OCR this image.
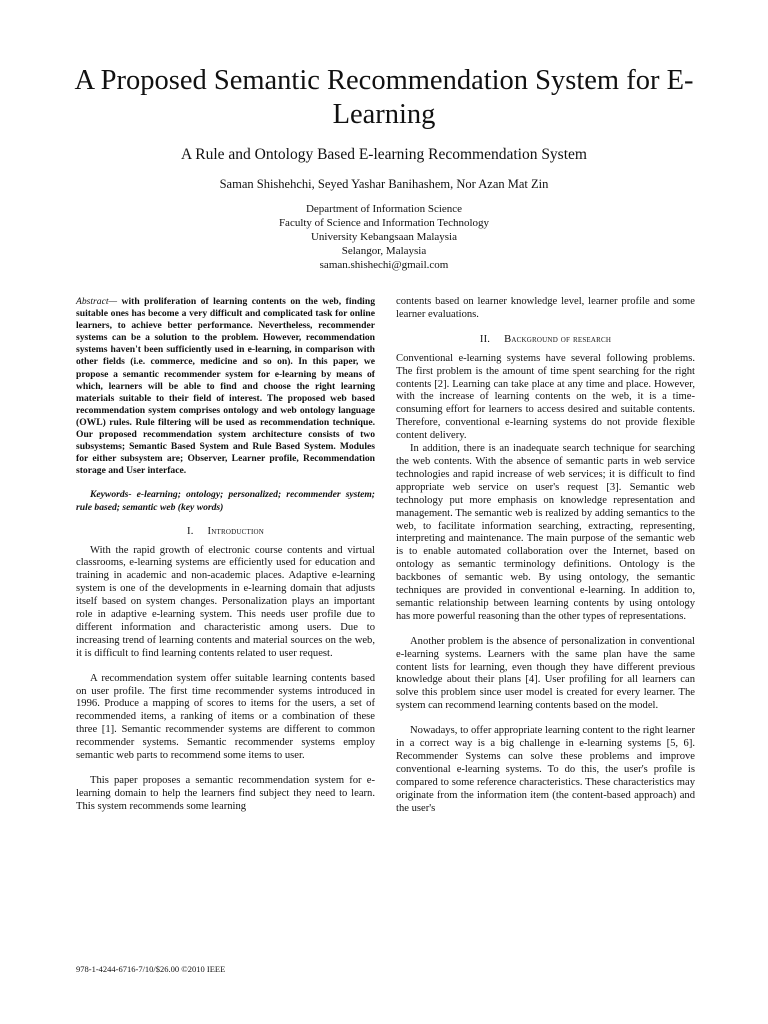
A Proposed Semantic Recommendation System for E-Learning
A Rule and Ontology Based E-learning Recommendation System
Saman Shishehchi, Seyed Yashar Banihashem, Nor Azan Mat Zin
Department of Information Science
Faculty of Science and Information Technology
University Kebangsaan Malaysia
Selangor, Malaysia
saman.shishechi@gmail.com

Abstract— with proliferation of learning contents on the web, finding suitable ones has become a very difficult and complicated task for online learners, to achieve better performance. Nevertheless, recommender systems can be a solution to the problem. However, recommendation systems haven't been sufficiently used in e-learning, in comparison with other fields (i.e. commerce, medicine and so on). In this paper, we propose a semantic recommender system for e-learning by means of which, learners will be able to find and choose the right learning materials suitable to their field of interest. The proposed web based recommendation system comprises ontology and web ontology language (OWL) rules. Rule filtering will be used as recommendation technique. Our proposed recommendation system architecture consists of two subsystems; Semantic Based System and Rule Based System. Modules for either subsystem are; Observer, Learner profile, Recommendation storage and User interface.

Keywords- e-learning; ontology; personalized; recommender system; rule based; semantic web (key words)

I. Introduction

With the rapid growth of electronic course contents and virtual classrooms, e-learning systems are efficiently used for education and training in academic and non-academic places. Adaptive e-learning system is one of the developments in e-learning domain that adjusts itself based on system changes. Personalization plays an important role in adaptive e-learning system. This needs user profile due to different information and characteristic among users. Due to increasing trend of learning contents and material sources on the web, it is difficult to find learning contents related to user request.

A recommendation system offer suitable learning contents based on user profile. The first time recommender systems introduced in 1996. Produce a mapping of scores to items for the users, a set of recommended items, a ranking of items or a combination of these three [1]. Semantic recommender systems are different to common recommender systems. Semantic recommender systems employ semantic web parts to recommend some items to user.

This paper proposes a semantic recommendation system for e-learning domain to help the learners find subject they need to learn. This system recommends some learning

contents based on learner knowledge level, learner profile and some learner evaluations.

II. Background of research

Conventional e-learning systems have several following problems. The first problem is the amount of time spent searching for the right contents [2]. Learning can take place at any time and place. However, with the increase of learning contents on the web, it is a time-consuming effort for learners to access desired and suitable contents. Therefore, conventional e-learning systems do not provide flexible content delivery.

In addition, there is an inadequate search technique for searching the web contents. With the absence of semantic parts in web service technologies and rapid increase of web services; it is difficult to find appropriate web service on user's request [3]. Semantic web technology put more emphasis on knowledge representation and management. The semantic web is realized by adding semantics to the web, to facilitate information searching, extracting, representing, interpreting and maintenance. The main purpose of the semantic web is to enable automated collaboration over the Internet, based on ontology as semantic terminology definitions. Ontology is the backbones of semantic web. By using ontology, the semantic techniques are provided in conventional e-learning. In addition to, semantic relationship between learning contents by using ontology has more powerful reasoning than the other types of representations.

Another problem is the absence of personalization in conventional e-learning systems. Learners with the same plan have the same content lists for learning, even though they have different previous knowledge about their plans [4]. User profiling for all learners can solve this problem since user model is created for every learner. The system can recommend learning contents based on the model.

Nowadays, to offer appropriate learning content to the right learner in a correct way is a big challenge in e-learning systems [5, 6]. Recommender Systems can solve these problems and improve conventional e-learning systems. To do this, the user's profile is compared to some reference characteristics. These characteristics may originate from the information item (the content-based approach) and the user's

978-1-4244-6716-7/10/$26.00 ©2010 IEEE
